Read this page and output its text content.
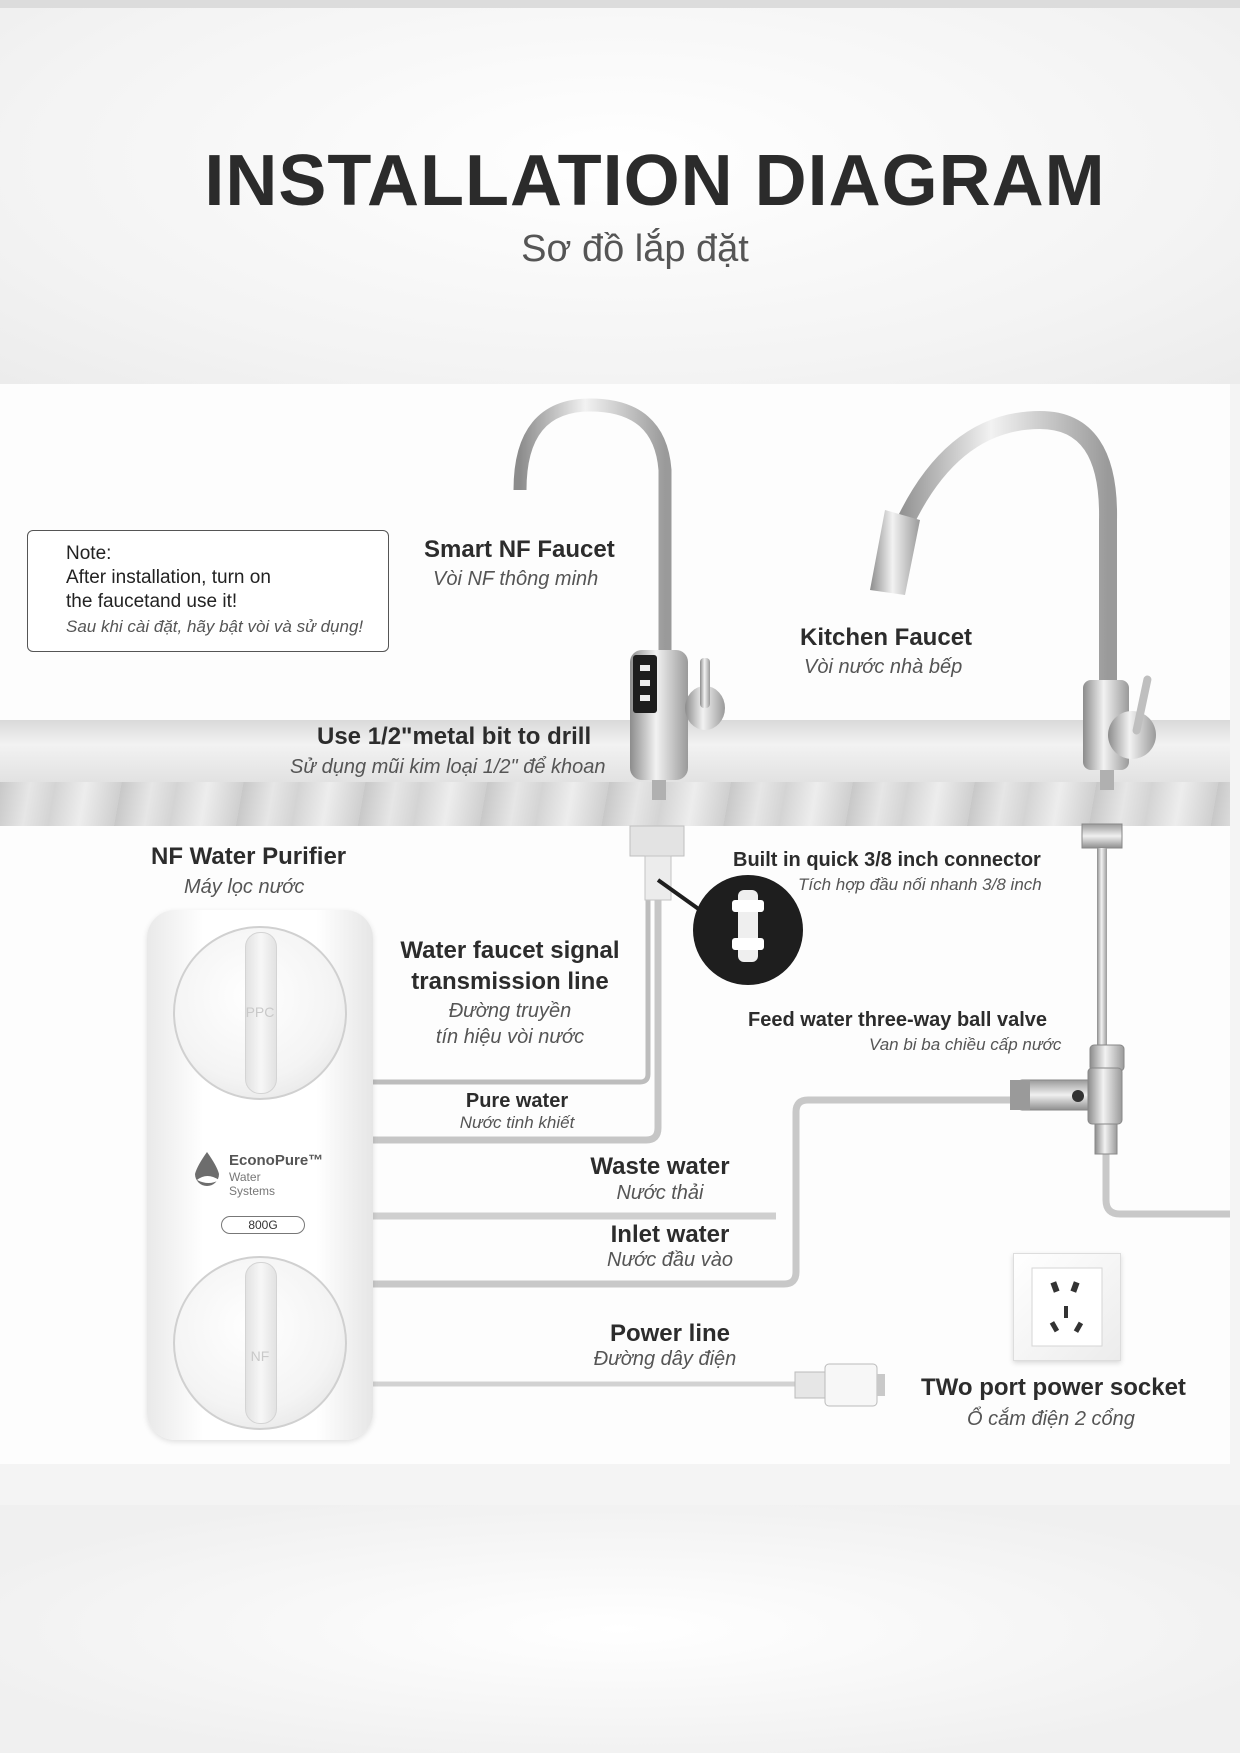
INSTALLATION DIAGRAM
Sơ đồ lắp đặt
Note:
After installation, turn on
the faucetand use it!
Sau khi cài đặt, hãy bật vòi và sử dụng!
Smart NF Faucet
Vòi NF thông minh
Kitchen Faucet
Vòi nước nhà bếp
Use 1/2"metal bit to drill
Sử dụng mũi kim loại 1/2" để khoan
NF Water Purifier
Máy lọc nước
Built in quick 3/8 inch connector
Tích hợp đầu nối nhanh 3/8 inch
Water faucet signal
transmission line
Đường truyền
tín hiệu vòi nước
Feed water three-way ball valve
Van bi ba chiều cấp nước
Pure water
Nước tinh khiết
Waste water
Nước thải
Inlet water
Nước đầu vào
Power line
Đường dây điện
TWo port power socket
Ổ cắm điện 2 cổng
PPC
EconoPure™
Water Systems
800G
NF
